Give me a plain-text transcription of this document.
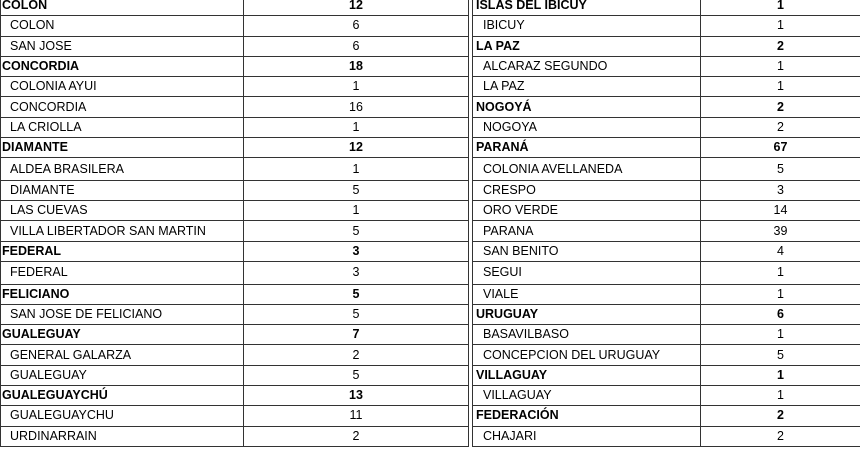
COLON	12		ISLAS DEL IBICUY	1
COLON	6		IBICUY	1
SAN JOSE	6		LA PAZ	2
CONCORDIA	18		ALCARAZ SEGUNDO	1
COLONIA AYUI	1		LA PAZ	1
CONCORDIA	16		NOGOYÁ	2
LA CRIOLLA	1		NOGOYA	2
DIAMANTE	12		PARANÁ	67
ALDEA BRASILERA	1		COLONIA AVELLANEDA	5
DIAMANTE	5		CRESPO	3
LAS CUEVAS	1		ORO VERDE	14
VILLA LIBERTADOR SAN MARTIN	5		PARANA	39
FEDERAL	3		SAN BENITO	4
FEDERAL	3		SEGUI	1
FELICIANO	5		VIALE	1
SAN JOSE DE FELICIANO	5		URUGUAY	6
GUALEGUAY	7		BASAVILBASO	1
GENERAL GALARZA	2		CONCEPCION DEL URUGUAY	5
GUALEGUAY	5		VILLAGUAY	1
GUALEGUAYCHÚ	13		VILLAGUAY	1
GUALEGUAYCHU	11		FEDERACIÓN	2
URDINARRAIN	2		CHAJARI	2
